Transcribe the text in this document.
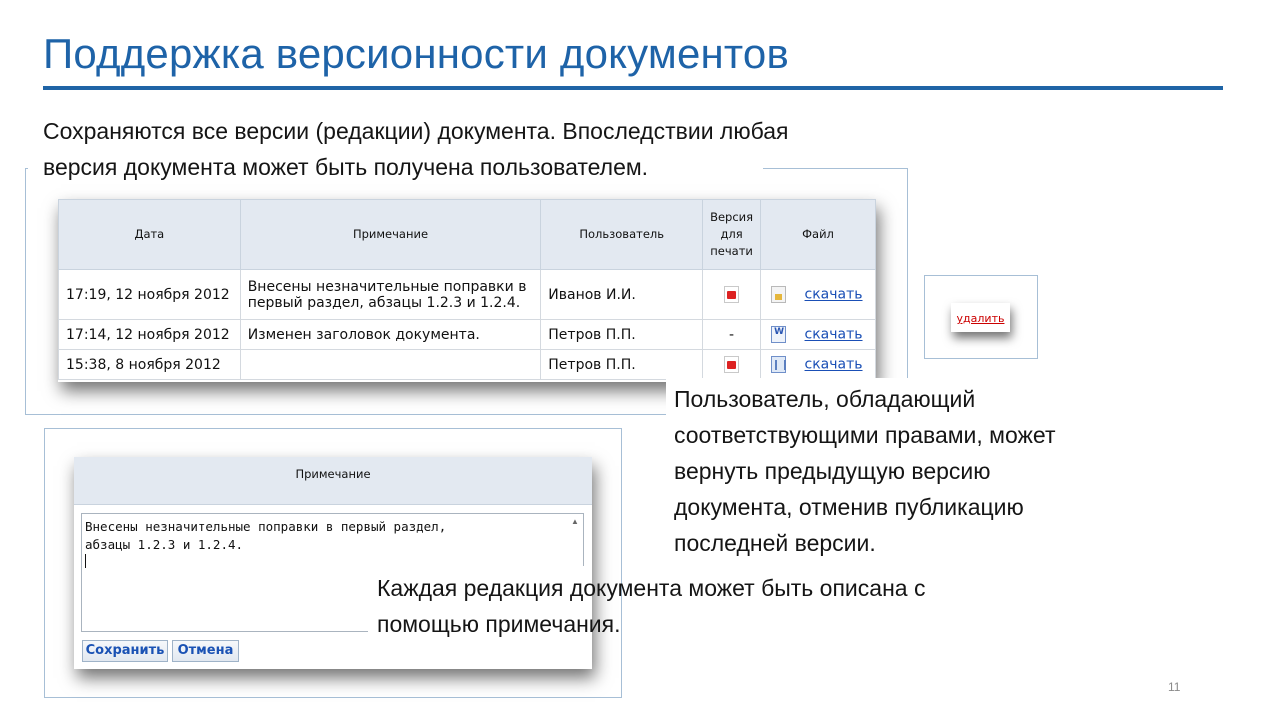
Поддержка версионности документов
Сохраняются все версии (редакции) документа. Впоследствии любая
версия документа может быть получена пользователем.
Дата	Примечание	Пользователь	Версия
для
печати	Файл
17:19, 12 ноября 2012	Внесены незначительные поправки в
первый раздел, абзацы 1.2.3 и 1.2.4.	Иванов И.И.		скачать
17:14, 12 ноября 2012	Изменен заголовок документа.	Петров П.П.	-	Wскачать
15:38, 8 ноября 2012		Петров П.П.		скачать
удалить
Примечание
Внесены незначительные поправки в первый раздел,
абзацы 1.2.3 и 1.2.4.
▲
Сохранить	Отмена
Пользователь, обладающий
соответствующими правами, может
вернуть предыдущую версию
документа, отменив публикацию
последней версии.
Каждая редакция документа может быть описана с
помощью примечания.
11
